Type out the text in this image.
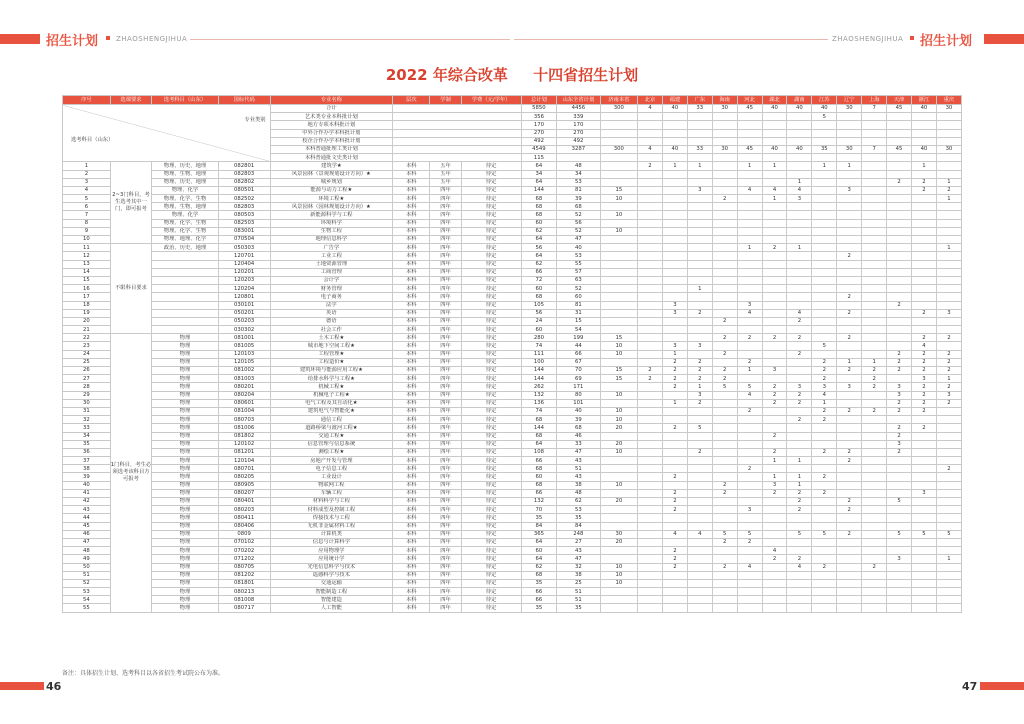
招生计划	ZHAOSHENGJIHUA	ZHAOSHENGJIHUA 招生计划
2022 年综合改革 十四省招生计划
序号	选课要求	选考科目（山东）	国标代码	专业名称	层次	学制	学费（元/学年）	总计划	山东全省计划	济南本省	北京	福建	广东	海南	河北	湖北	湖南	江苏	辽宁	上海	天津	浙江	重庆

专业类别
选考科目（山东）				合计				5850	4456	300	4	40	33	30	45	40	40	40	30	7	45	40	30
				艺术类专业本科批计划				356	339									5					
				地方专项本科批计划				170	170														
				中外合作办学本科批计划				270	270														
				校企合作办学本科批计划				492	492														
				本科普通批理工类计划				4549	3287	300	4	40	33	30	45	40	40	35	30	7	45	40	30
				本科普通批文史类计划				115															
1	2~3门科目，考生选考其中一门，即可报考	物理、历史、地理	082801	建筑学★	本科	五年	待定	64	48		2	1	1		1	1		1	1			1	
2		物理、生物、地理	082803	风景园林（景观规划设计方向）★	本科	五年	待定	34	34														
3		物理、历史、地理	082802	城乡规划	本科	五年	待定	64	53								1				2	2	1
4		物理、化学	080501	能源与动力工程★	本科	四年	待定	144	81	15			3		4	4	4		3			2	2
5		物理、化学、生物	082502	环境工程★	本科	四年	待定	68	39	10				2		1	3						1
6		物理、生物、地理	082803	风景园林（园林规划设计方向）★	本科	四年	待定	68	68														
7		物理、化学	080503	新能源科学与工程	本科	四年	待定	68	52	10													
8		物理、化学、生物	082503	环境科学	本科	四年	待定	60	56														
9		物理、化学、生物	083001	生物工程	本科	四年	待定	62	52	10													
10		物理、地理、化学	070504	地理信息科学	本科	四年	待定	64	47														
11	不限科目要求	政治、历史、地理	050303	广告学	本科	四年	待定	56	40						1	2	1						1
12			120701	工业工程	本科	四年	待定	64	53										2				
13			120404	土地资源管理	本科	四年	待定	62	55														
14			120201	工商管理	本科	四年	待定	66	57														
15			120203	会计学	本科	四年	待定	72	63														
16			120204	财务管理	本科	四年	待定	60	52				1										
17			120801	电子商务	本科	四年	待定	68	60										2				
18			030101	法学	本科	四年	待定	105	81			3			3						2		
19			050201	英语	本科	四年	待定	56	31			3	2		4		4		2			2	3
20			050203	德语	本科	四年	待定	24	15					2			2						
21			030302	社会工作	本科	四年	待定	60	54														
22	1门科目，考生必须选考该科目方可报考	物理	081001	土木工程★	本科	四年	待定	280	199	15				2	2	2	2		2			2	2
23		物理	081005	城市地下空间工程★	本科	四年	待定	74	44	10		3	3					5				4	
24		物理	120103	工程管理★	本科	四年	待定	111	66	10		1		2			2				2	2	2
25		物理	120105	工程造价★	本科	四年	待定	100	67			2	2		2			2	1	1	2	2	2
26		物理	081002	建筑环境与能源应用工程★	本科	四年	待定	144	70	15	2	2	2	2	1	3		2	2	2	2	2	2
27		物理	081003	给排水科学与工程★	本科	四年	待定	144	69	15	2	2	2	2				2		2		3	1
28		物理	080201	机械工程★	本科	四年	待定	262	171			2	1	5	5	2	3	3	3	2	3	2	2
29		物理	080204	机械电子工程★	本科	四年	待定	132	80	10			3		4	2	2	4			3	2	3
30		物理	080601	电气工程及其自动化★	本科	四年	待定	136	101			1	2			2	2	1			2	2	2
31		物理	081004	建筑电气与智能化★	本科	四年	待定	74	40	10					2			2	2	2	2	2	
32		物理	080703	通信工程	本科	四年	待定	68	39	10							2	2					
33		物理	081006	道路桥梁与渡河工程★	本科	四年	待定	144	68	20		2	5								2	2	
34		物理	081802	交通工程★	本科	四年	待定	68	46							2					2		
35		物理	120102	信息管理与信息系统	本科	四年	待定	64	33	20											3		
36		物理	081201	测绘工程★	本科	四年	待定	108	47	10			2			2		2	2		2		
37		物理	120104	房地产开发与管理	本科	四年	待定	66	43							1	1		2				
38		物理	080701	电子信息工程	本科	四年	待定	68	51						2								2
39		物理	080205	工业设计	本科	四年	待定	60	43			2				1	1	2					
40		物理	080905	物联网工程	本科	四年	待定	68	38	10				2		3	1						
41		物理	080207	车辆工程	本科	四年	待定	66	48			2		2		2	2	2				3	
42		物理	080401	材料科学与工程	本科	四年	待定	132	62	20		2					2		2		5		
43		物理	080203	材料成型及控制工程	本科	四年	待定	70	53			2			3		2		2				
44		物理	080411	焊接技术与工程	本科	四年	待定	35	35														
45		物理	080406	无机非金属材料工程	本科	四年	待定	84	84														
46		物理	0809	计算机类	本科	四年	待定	365	248	30		4	4	5	5		5	5	2		5	5	5
47		物理	070102	信息与计算科学	本科	四年	待定	64	27	20				2	2								
48		物理	070202	应用物理学	本科	四年	待定	60	43			2				4							
49		物理	071202	应用统计学	本科	四年	待定	64	47			2				2	2				3		1
50		物理	080705	光电信息科学与技术	本科	四年	待定	62	32	10		2		2	4		4	2		2			
51		物理	081202	遥感科学与技术	本科	四年	待定	68	38	10													
52		物理	081801	交通运输	本科	四年	待定	35	25	10													
53		物理	080213	智能制造工程	本科	四年	待定	66	51														
54		物理	081008	智能建造	本科	四年	待定	66	51														
55		物理	080717	人工智能	本科	四年	待定	35	35														
备注：具体招生计划、选考科目以各省招生考试院公布为准。
46	47
